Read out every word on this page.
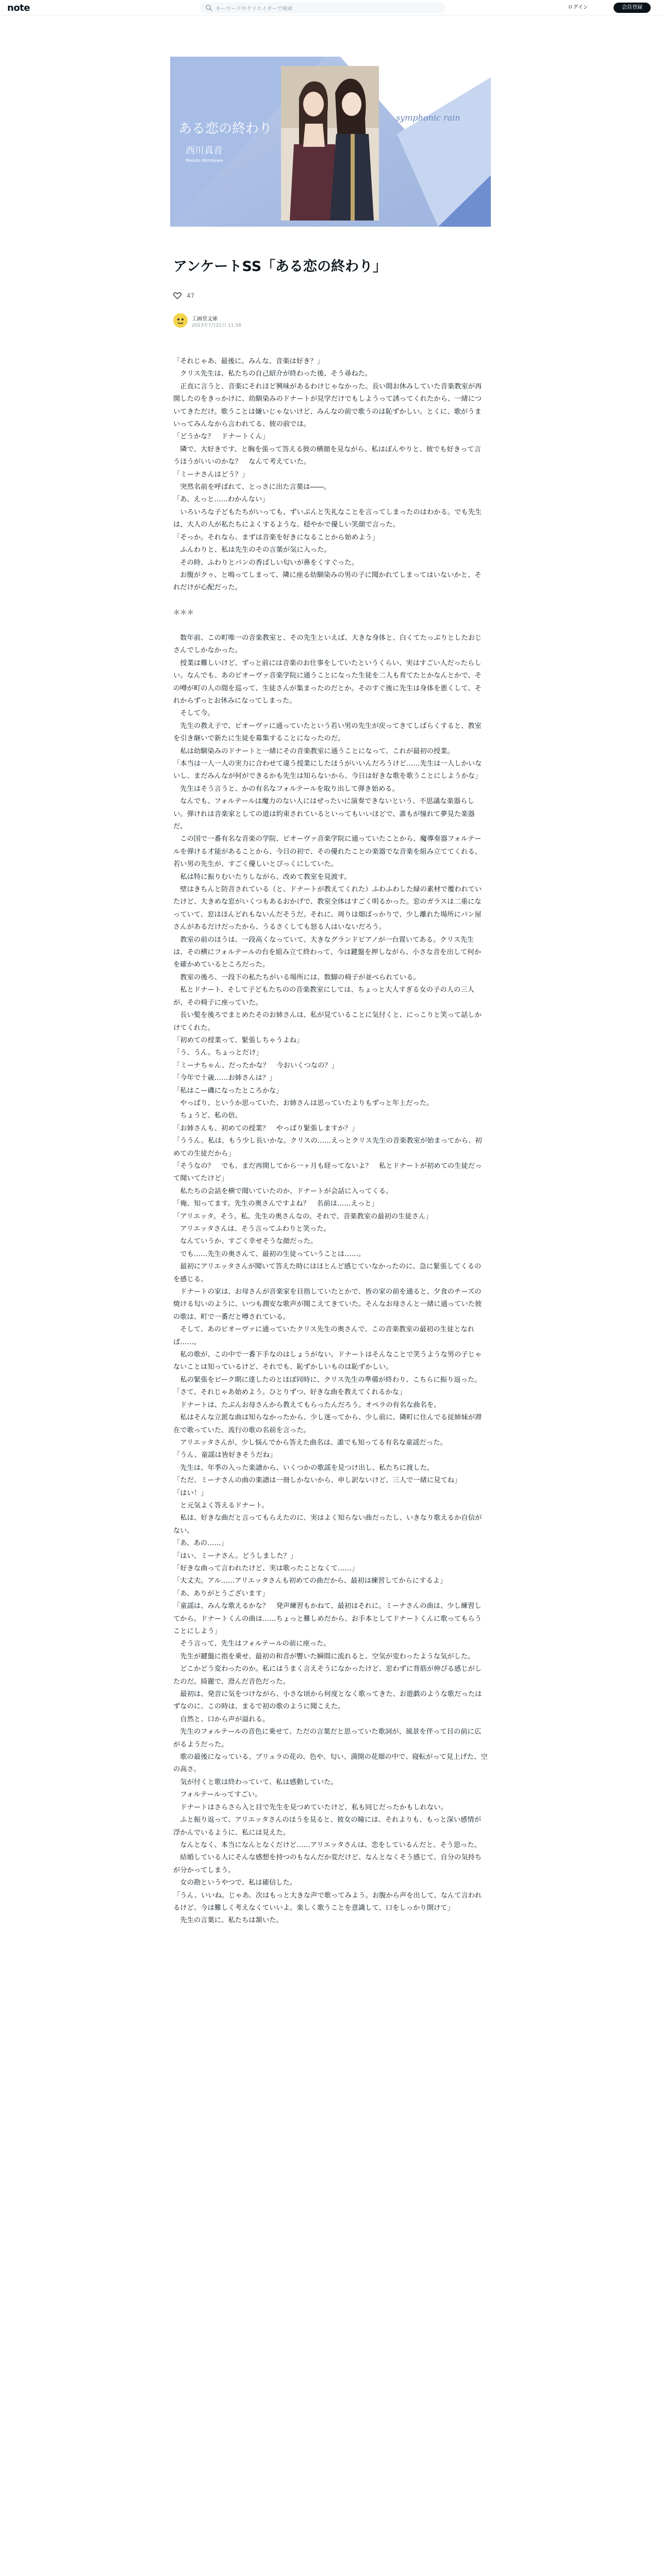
note	キーワードやクリエイターで検索	ログイン	会員登録
ある恋の終わり
西川真音
Makoto Nishikawa
symphonic rain
アンケートSS「ある恋の終わり」
47
工画堂文庫
2023年7月21日 11:58

「それじゃあ、最後に。みんな、音楽は好き？」

　クリス先生は、私たちの自己紹介が終わった後、そう尋ねた。

　正直に言うと、音楽にそれほど興味があるわけじゃなかった。長い間お休みしていた音楽教室が再開したのをきっかけに、幼馴染みのドナートが見学だけでもしようって誘ってくれたから、一緒についてきただけ。歌うことは嫌いじゃないけど、みんなの前で歌うのは恥ずかしい。とくに、歌がうまいってみんなから言われてる、彼の前では。

「どうかな？　ドナートくん」

　隣で、大好きです、と胸を張って答える彼の横顔を見ながら、私はぼんやりと、彼でも好きって言うほうがいいのかな？　なんて考えていた。

「ミーナさんはどう？」

　突然名前を呼ばれて、とっさに出た言葉は――。

「あ、えっと……わかんない」

　いろいろな子どもたちがいっても、ずいぶんと失礼なことを言ってしまったのはわかる。でも先生は、大人の人が私たちによくするような、穏やかで優しい笑顔で言った。

「そっか。それなら、まずは音楽を好きになることから始めよう」

　ふんわりと、私は先生のその言葉が気に入った。

　その時、ふわりとパンの香ばしい匂いが鼻をくすぐった。

　お腹がクゥ、と鳴ってしまって、隣に座る幼馴染みの男の子に聞かれてしまってはいないかと、それだけが心配だった。

＊＊＊

　数年前、この町唯一の音楽教室と、その先生といえば、大きな身体と、白くてたっぷりとしたおじさんでしかなかった。

　授業は難しいけど、ずっと前には音楽のお仕事をしていたというくらい、実はすごい人だったらしい。なんでも、あのピオーヴァ音楽学院に通うことになった生徒を二人も育てたとかなんとかで、その噂が町の人の間を巡って、生徒さんが集まったのだとか。そのすぐ後に先生は身体を悪くして、それからずっとお休みになってしまった。

　そして今。

　先生の教え子で、ピオーヴァに通っていたという若い男の先生が戻ってきてしばらくすると、教室を引き継いで新たに生徒を募集することになったのだ。

　私は幼馴染みのドナートと一緒にその音楽教室に通うことになって、これが最初の授業。

「本当は一人一人の実力に合わせて違う授業にしたほうがいいんだろうけど……先生は一人しかいないし、まだみんなが何ができるかも先生は知らないから、今日は好きな歌を歌うことにしようかな」

　先生はそう言うと、かの有名なフォルテールを取り出して弾き始める。

　なんでも、フォルテールは魔力のない人にはぜったいに演奏できないという、不思議な楽器らしい。弾けれは音楽家としての道は約束されているといってもいいほどで、誰もが憧れて夢見た楽器だ。

　この国で一番有名な音楽の学院、ピオーヴァ音楽学院に通っていたことから、魔導奏器フォルテールを弾ける才能があることから、今日の初で、その優れたことの楽器でな音楽を組み立ててくれる、若い男の先生が、すごく優しいとぴっくにしていた。

　私は特に振りむいたりしながら、改めて教室を見渡す。

　壁はきちんと防音されている（と、ドナートが教えてくれた）ふわふわした緑の素材で覆われていたけど、大きめな窓がいくつもあるおかげで、教室全体はすごく明るかった。窓のガラスは二重になっていて、窓はほんどれもないんだそうだ。それに、周りは畑ばっかりで、少し離れた場所にパン屋さんがあるだけだったから、うるさくしても怒る人はいないだろう。

　教室の前のほうは、一段高くなっていて、大きなグランドピアノが一台置いてある。クリス先生は、その横にフォルテールの台を組み立て終わって、今は鍵盤を押しながら、小さな音を出して何かを確かめているところだった。

　教室の後ろ、一段下の私たちがいる場所には、数脚の椅子が並べられている。

　私とドナート、そして子どもたちのの音楽教室にしては、ちょっと大人すぎる女の子の人の三人が、その椅子に座っていた。

　長い髪を後ろでまとめたそのお姉さんは、私が見ていることに気付くと、にっこりと笑って話しかけてくれた。

「初めての授業って、緊張しちゃうよね」

「う、うん。ちょっとだけ」

「ミーナちゃん、だったかな？　今おいくつなの？」

「今年で十歳……お姉さんは？」

「私はこー磯になったところかな」

　やっぱり、というか思っていた、お姉さんは思っていたよりもずっと年上だった。

　ちょうど、私の倍。

「お姉さんも、初めての授業？　やっぱり緊張しますか？」

「ううん。私は、もう少し長いかな。クリスの……えっとクリス先生の音楽教室が始まってから、初めての生徒だから」

「そうなの？　でも、まだ再開してから一ヶ月も経ってないよ？　私とドナートが初めての生徒だって聞いてたけど」

　私たちの会話を横で聞いていたのか、ドナートが会話に入ってくる。

「俺、知ってます。先生の奥さんですよね？　名前は……えっと」

「アリエッタ。そう。私、先生の奥さんなの。それで、音楽教室の最初の生徒さん」

　アリエッタさんは、そう言ってふわりと笑った。

　なんていうか、すごく幸せそうな顔だった。

　でも……先生の奥さんて、最初の生徒っていうことは……。

　最初にアリエッタさんが聞いて答えた時にはほとんど感じていなかったのに、急に緊張してくるのを感じる。

　ドナートの家は、お母さんが音楽家を目指していたとかで、皆の家の前を通ると、夕食のチーズの焼ける匂いのように、いつも潤安な歌声が聞こえてきていた。そんなお母さんと一緒に通っていた彼の歌は、町で一番だと噂されている。

　そして、あのピオーヴァに通っていたクリス先生の奥さんで、この音楽教室の最初の生徒となれば……。

　私の歌が、この中で一番下手なのはしょうがない。ドナートはそんなことで笑うような男の子じゃないことは知っているけど、それでも、恥ずかしいものは恥ずかしい。

　私の緊張をピーク期に達したのとほぼ同時に、クリス先生の準備が終わり、こちらに振り返った。

「さて、それじゃあ始めよう。ひとりずつ、好きな曲を教えてくれるかな」

　ドナートは、たぶんお母さんから教えてもらったんだろう。オペラの有名な曲名を。

　私はそんな立派な曲は知らなかったから、少し迷ってから、少し前に、隣町に住んでる従姉妹が滞在で歌っていた、流行の歌の名前を言った。

　アリエッタさんが、少し悩んでから答えた曲名は、誰でも知ってる有名な童謡だった。

「うん、童謡は皆好きそうだね」

　先生は、年季の入った楽譜から、いくつかの歌謡を見つけ出し、私たちに渡した。

「ただ、ミーナさんの曲の楽譜は一冊しかないから、申し訳ないけど、三人で一緒に見てね」

「はい！」

　と元気よく答えるドナート。

　私は、好きな曲だと言ってもらえたのに、実はよく知らない曲だったし、いきなり歌えるか自信がない。

「あ、あの……」

「はい、ミーナさん。どうしました？」

「好きな曲って言われたけど、実は歌ったことなくて……」

「大丈夫。アル……アリエッタさんも初めての曲だから、最初は練習してからにするよ」

「あ、ありがとうございます」

「童謡は、みんな歌えるかな？　発声練習もかねて、最初はそれに。ミーナさんの曲は、少し練習してから。ドナートくんの曲は……ちょっと難しめだから、お手本としてドナートくんに歌ってもらうことにしよう」

　そう言って、先生はフォルテールの前に座った。

　先生が鍵盤に指を乗せ、最初の和音が響いた瞬間に流れると、空気が変わったような気がした。

　どこかどう変わったのか。私にはうまく言えそうになかったけど、窓わずに背筋が伸ぴる感じがしたのだ。綺麗で、澄んだ音色だった。

　最初は、発音に気をつけながら、小さな頃から何度となく歌ってきた、お遊戯のような歌だったはずなのに、この時は、まるで初の歌のように聞こえた。

　自然と、口から声が溢れる。

　先生のフォルテールの音色に乗せて、ただの言葉だと思っていた歌詞が、風景を伴って目の前に広がるようだった。

　歌の最後になっている、ブリュラの花の、色や、匂い、満開の花畑の中で、寝転がって見上げた、空の高さ。

　気が付くと歌は終わっていて、私は感動していた。

　フォルテールってすごい。

　ドナートはさらさら入と目で先生を見つめていたけど、私も同じだったかもしれない。

　ふと振り返って、アリエッタさんのほうを見ると、彼女の瞳には、それよりも、もっと深い感情が浮かんでいるように、私には見えた。

　なんとなく、本当になんとなくだけど……アリエッタさんは、恋をしているんだと、そう思った。

　結婚している人にそんな感想を持つのもなんだか変だけど、なんとなくそう感じて、自分の気持ちが分かってしまう。

　女の勘というやつで、私は確信した。

「うん、いいね。じゃあ、次はもっと大きな声で歌ってみよう。お腹から声を出して、なんて言われるけど、今は難しく考えなくていいよ。楽しく歌うことを意識して、口をしっかり開けて」

　先生の言葉に、私たちは頷いた。
